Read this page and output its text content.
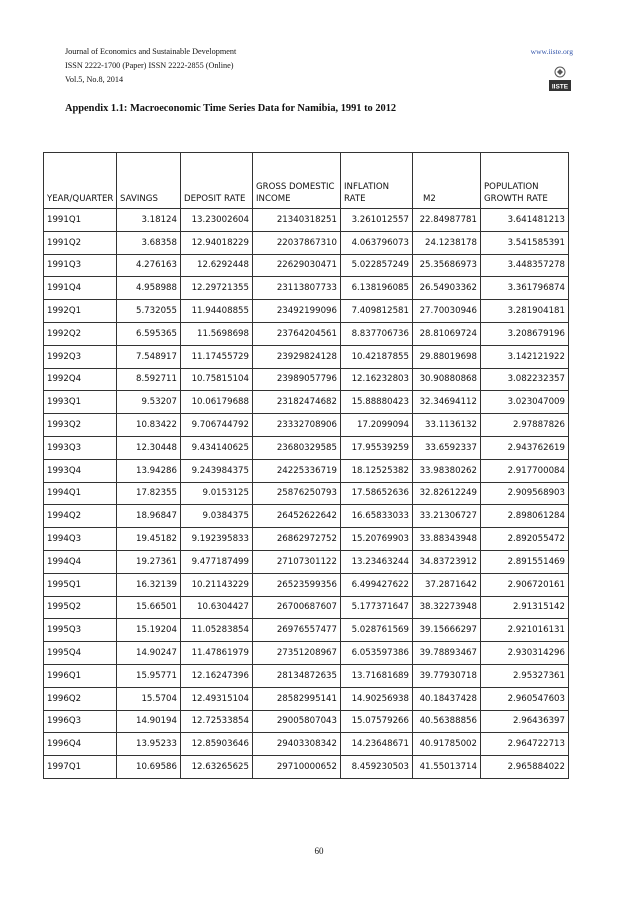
Journal of Economics and Sustainable Development	www.iiste.org
ISSN 2222-1700 (Paper) ISSN 2222-2855 (Online)
Vol.5, No.8, 2014
IISTE
Appendix 1.1: Macroeconomic Time Series Data for Namibia, 1991 to 2012
YEAR/QUARTER	SAVINGS	DEPOSIT RATE	GROSS DOMESTIC INCOME	INFLATION RATE	M2	POPULATION GROWTH RATE
1991Q1	3.18124	13.23002604	21340318251	3.261012557	22.84987781	3.641481213
1991Q2	3.68358	12.94018229	22037867310	4.063796073	24.1238178	3.541585391
1991Q3	4.276163	12.6292448	22629030471	5.022857249	25.35686973	3.448357278
1991Q4	4.958988	12.29721355	23113807733	6.138196085	26.54903362	3.361796874
1992Q1	5.732055	11.94408855	23492199096	7.409812581	27.70030946	3.281904181
1992Q2	6.595365	11.5698698	23764204561	8.837706736	28.81069724	3.208679196
1992Q3	7.548917	11.17455729	23929824128	10.42187855	29.88019698	3.142121922
1992Q4	8.592711	10.75815104	23989057796	12.16232803	30.90880868	3.082232357
1993Q1	9.53207	10.06179688	23182474682	15.88880423	32.34694112	3.023047009
1993Q2	10.83422	9.706744792	23332708906	17.2099094	33.1136132	2.97887826
1993Q3	12.30448	9.434140625	23680329585	17.95539259	33.6592337	2.943762619
1993Q4	13.94286	9.243984375	24225336719	18.12525382	33.98380262	2.917700084
1994Q1	17.82355	9.0153125	25876250793	17.58652636	32.82612249	2.909568903
1994Q2	18.96847	9.0384375	26452622642	16.65833033	33.21306727	2.898061284
1994Q3	19.45182	9.192395833	26862972752	15.20769903	33.88343948	2.892055472
1994Q4	19.27361	9.477187499	27107301122	13.23463244	34.83723912	2.891551469
1995Q1	16.32139	10.21143229	26523599356	6.499427622	37.2871642	2.906720161
1995Q2	15.66501	10.6304427	26700687607	5.177371647	38.32273948	2.91315142
1995Q3	15.19204	11.05283854	26976557477	5.028761569	39.15666297	2.921016131
1995Q4	14.90247	11.47861979	27351208967	6.053597386	39.78893467	2.930314296
1996Q1	15.95771	12.16247396	28134872635	13.71681689	39.77930718	2.95327361
1996Q2	15.5704	12.49315104	28582995141	14.90256938	40.18437428	2.960547603
1996Q3	14.90194	12.72533854	29005807043	15.07579266	40.56388856	2.96436397
1996Q4	13.95233	12.85903646	29403308342	14.23648671	40.91785002	2.964722713
1997Q1	10.69586	12.63265625	29710000652	8.459230503	41.55013714	2.965884022
60
